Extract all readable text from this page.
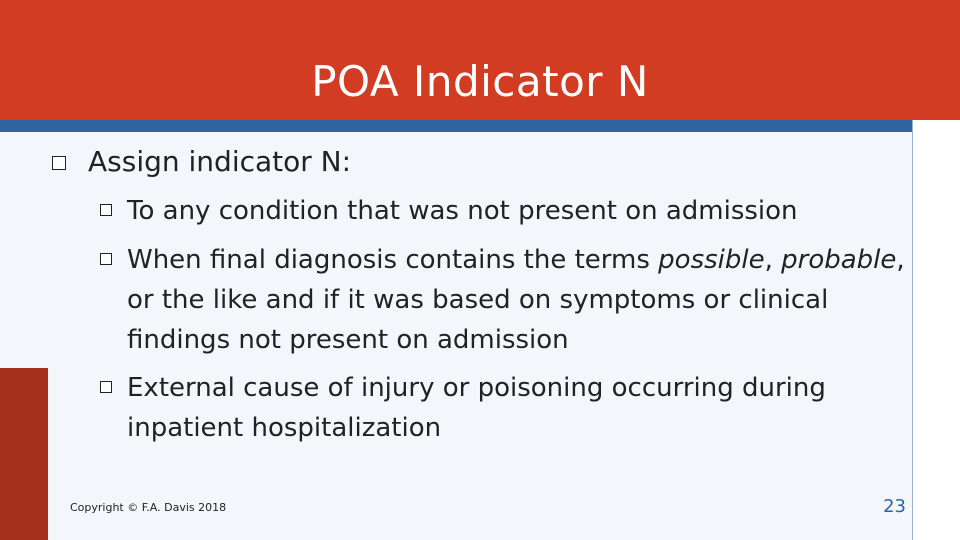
POA Indicator N
Assign indicator N:
To any condition that was not present on admission
When final diagnosis contains the terms possible, probable, or the like and if it was based on symptoms or clinical findings not present on admission
External cause of injury or poisoning occurring during inpatient hospitalization
Copyright © F.A. Davis 2018	23
